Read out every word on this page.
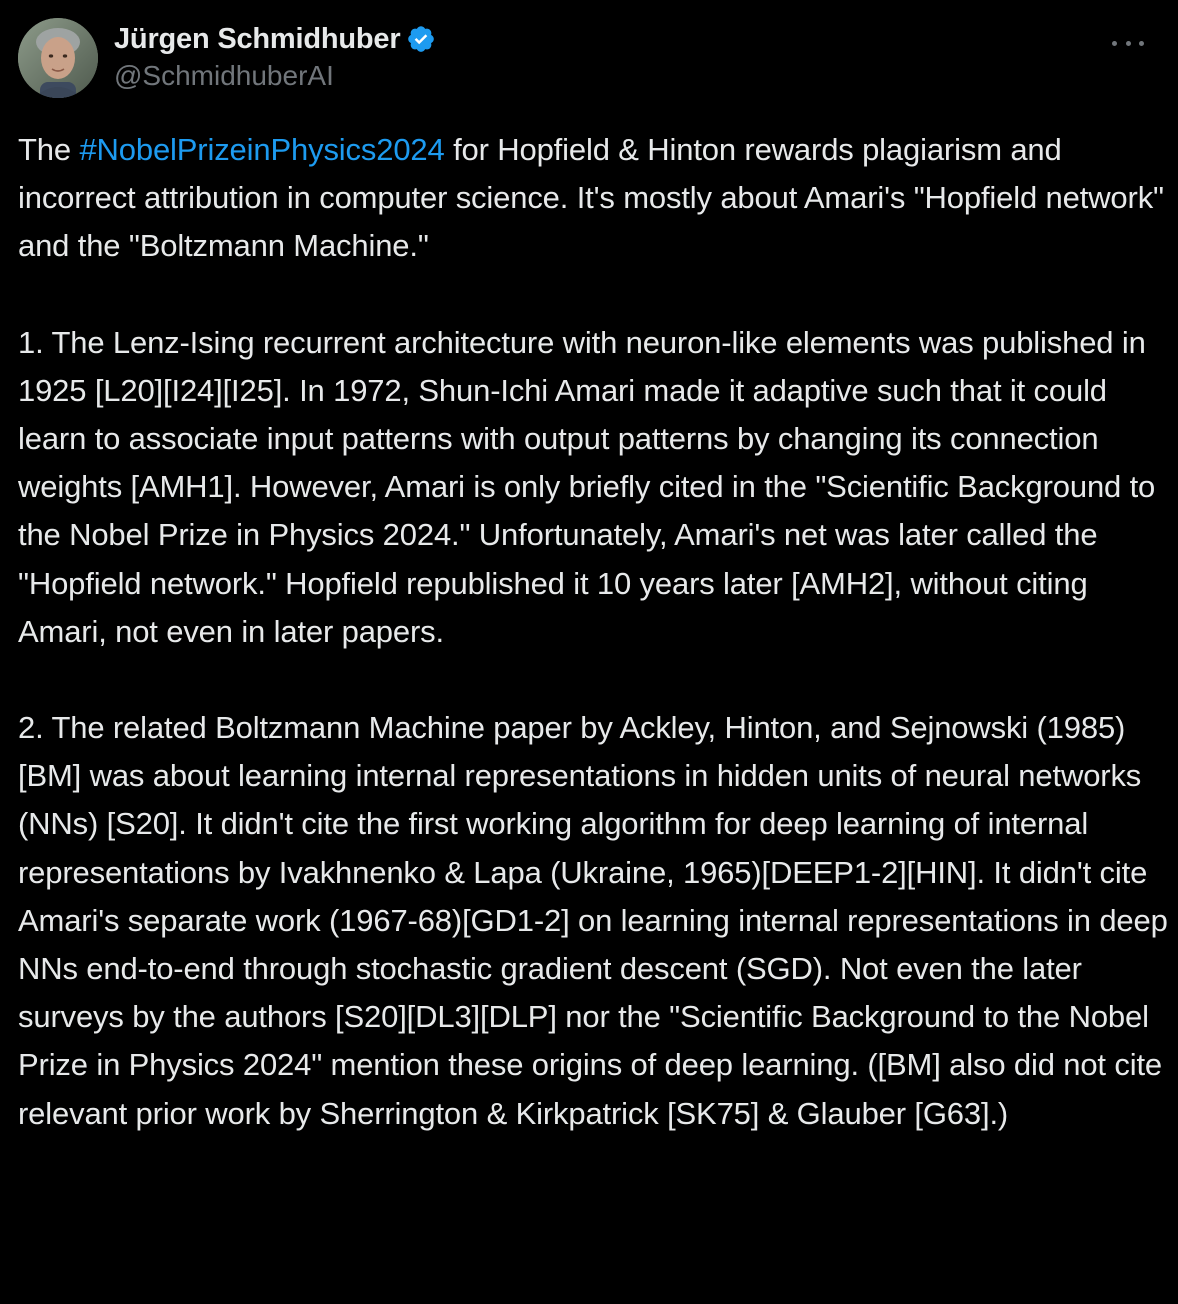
Jürgen Schmidhuber
@SchmidhuberAI

The #NobelPrizeinPhysics2024 for Hopfield & Hinton rewards plagiarism and incorrect attribution in computer science. It's mostly about Amari's "Hopfield network" and the "Boltzmann Machine."

1. The Lenz-Ising recurrent architecture with neuron-like elements was published in 1925 [L20][I24][I25]. In 1972, Shun-Ichi Amari made it adaptive such that it could learn to associate input patterns with output patterns by changing its connection weights [AMH1]. However, Amari is only briefly cited in the "Scientific Background to the Nobel Prize in Physics 2024." Unfortunately, Amari's net was later called the "Hopfield network." Hopfield republished it 10 years later [AMH2], without citing Amari, not even in later papers.

2. The related Boltzmann Machine paper by Ackley, Hinton, and Sejnowski (1985) [BM] was about learning internal representations in hidden units of neural networks (NNs) [S20]. It didn't cite the first working algorithm for deep learning of internal representations by Ivakhnenko & Lapa (Ukraine, 1965)[DEEP1-2][HIN]. It didn't cite Amari's separate work (1967-68)[GD1-2] on learning internal representations in deep NNs end-to-end through stochastic gradient descent (SGD). Not even the later surveys by the authors [S20][DL3][DLP] nor the "Scientific Background to the Nobel Prize in Physics 2024" mention these origins of deep learning. ([BM] also did not cite relevant prior work by Sherrington & Kirkpatrick [SK75] & Glauber [G63].)
